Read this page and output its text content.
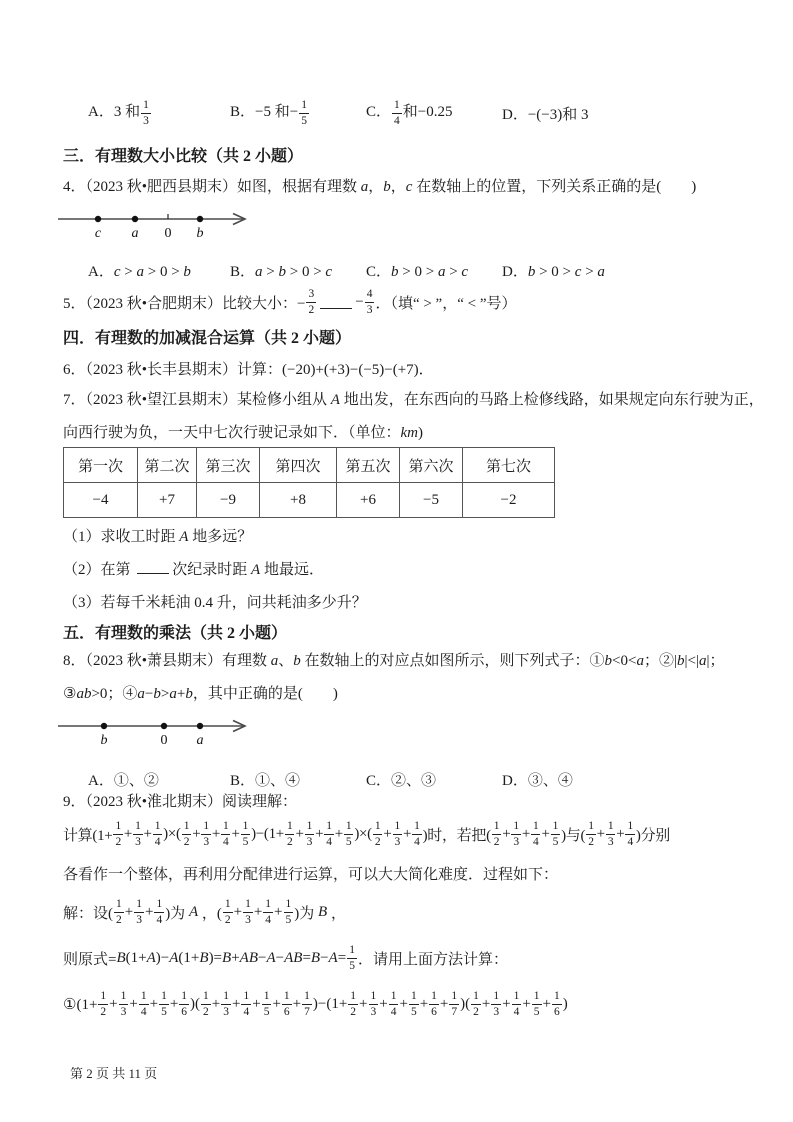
A．3 和 $\frac{1}{3}$	B．−5 和− $\frac{1}{5}$	C． $\frac{1}{4}$ 和−0.25	D．−(−3)和 3
三．有理数大小比较（共 2 小题）
4．（2023 秋•肥西县期末）如图，根据有理数 a，b，c 在数轴上的位置，下列关系正确的是(　　)
c a 0 b
A．c > a > 0 > b	B．a > b > 0 > c	C．b > 0 > a > c	D．b > 0 > c > a
5．（2023 秋•合肥期末）比较大小：− $\frac{3}{2}$	− $\frac{4}{3}$ ．（填“ > ”，“ < ”号）
四．有理数的加减混合运算（共 2 小题）
6．（2023 秋•长丰县期末）计算：(−20)+(+3)−(−5)−(+7)．
7．（2023 秋•望江县期末）某检修小组从 A 地出发，在东西向的马路上检修线路，如果规定向东行驶为正，
向西行驶为负，一天中七次行驶记录如下．（单位：km)
第一次	第二次	第三次	第四次	第五次	第六次	第七次
−4	+7	−9	+8	+6	−5	−2
（1）求收工时距 A 地多远？
（2）在第	次纪录时距 A 地最远．
（3）若每千米耗油 0.4 升，问共耗油多少升？
五．有理数的乘法（共 2 小题）
8．（2023 秋•萧县期末）有理数 a、b 在数轴上的对应点如图所示，则下列式子：①b<0<a；②|b|<|a|；
③ab>0；④a−b>a+b，其中正确的是(　　)
b	0 a
A．①、②	B．①、④	C．②、③	D．③、④
9．（2023 秋•淮北期末）阅读理解：
计算($1+ \frac{1}{2} + \frac{1}{3} + \frac{1}{4}$ )×( $\frac{1}{2} + \frac{1}{3} + \frac{1}{4} + \frac{1}{5} )-(1+ \frac{1}{2} + \frac{1}{3} + \frac{1}{4} + \frac{1}{5}$ )×( $\frac{1}{2} + \frac{1}{3} + \frac{1}{4}$ )时，若把( $\frac{1}{2} + \frac{1}{3} + \frac{1}{4} + \frac{1}{5}$ )与( $\frac{1}{2} + \frac{1}{3} + \frac{1}{4}$ )分别
各看作一个整体，再利用分配律进行运算，可以大大简化难度．过程如下：
解：设( $\frac{1}{2} + \frac{1}{3} + \frac{1}{4}$ )为 A ，( $\frac{1}{2} + \frac{1}{3} + \frac{1}{4} + \frac{1}{5}$ )为 B ，
则原式= B (1+ A )− A (1+ B )= B + AB − A − AB = $B - A = \frac{1}{5}$ ．请用上面方法计算：
①(1+ $\frac{1}{2} + \frac{1}{3} + \frac{1}{4} + \frac{1}{5} + \frac{1}{6}$ )( $\frac{1}{2} + \frac{1}{3} + \frac{1}{4} + \frac{1}{5} + \frac{1}{6} + \frac{1}{7} )-(1+ \frac{1}{2} + \frac{1}{3} + \frac{1}{4} + \frac{1}{5} + \frac{1}{6} + \frac{1}{7}$ )( $\frac{1}{2} + \frac{1}{3} + \frac{1}{4} + \frac{1}{5} + \frac{1}{6}$ )
第 2 页 共 11 页
